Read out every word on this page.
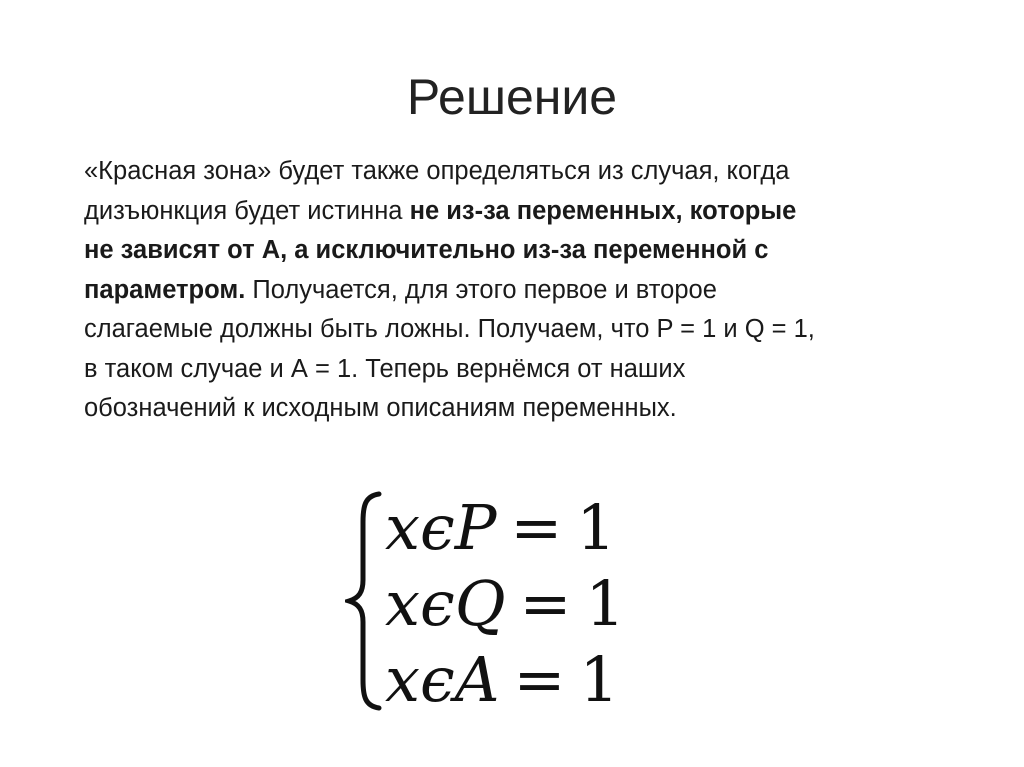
Решение
«Красная зона» будет также определяться из случая, когда
дизъюнкция будет истинна не из-за переменных, которые
не зависят от А, а исключительно из-за переменной с
параметром. Получается, для этого первое и второе
слагаемые должны быть ложны. Получаем, что P = 1 и Q = 1,
в таком случае и А = 1. Теперь вернёмся от наших
обозначений к исходным описаниям переменных.
xϵP = 1
xϵQ = 1
xϵA = 1
